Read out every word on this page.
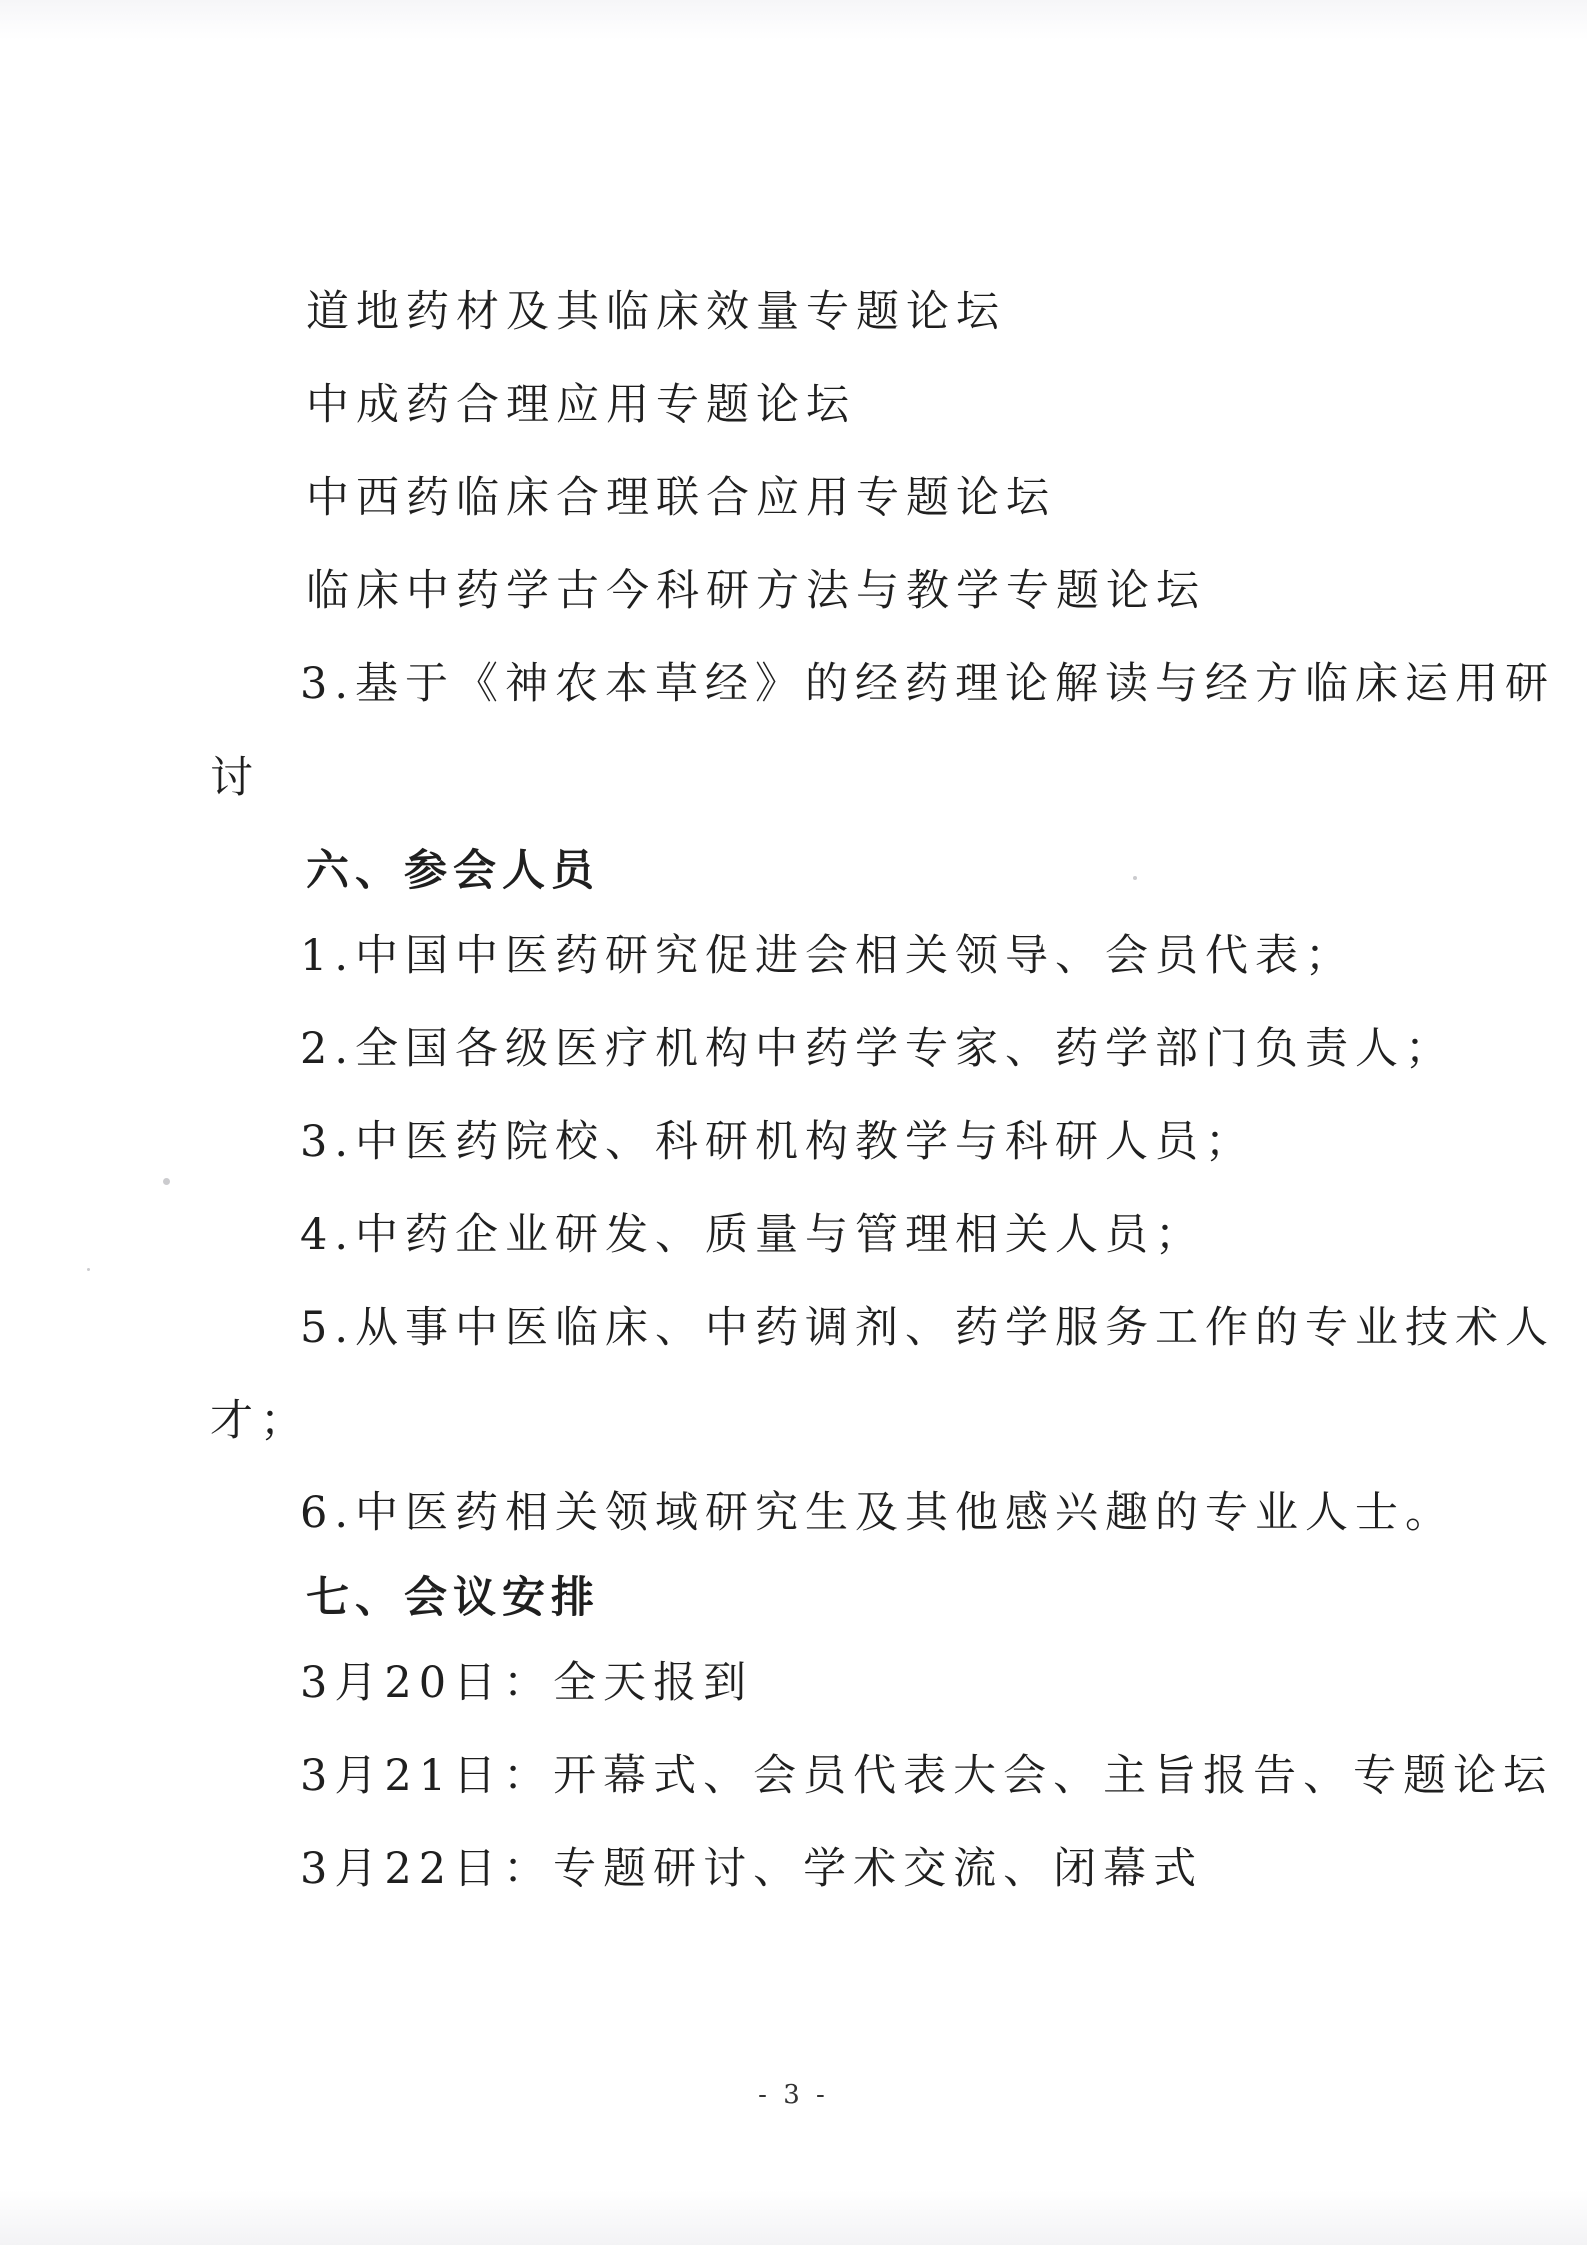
道地药材及其临床效量专题论坛
中成药合理应用专题论坛
中西药临床合理联合应用专题论坛
临床中药学古今科研方法与教学专题论坛
3.基于《神农本草经》的经药理论解读与经方临床运用研
讨
六、参会人员
1.中国中医药研究促进会相关领导、会员代表；
2.全国各级医疗机构中药学专家、药学部门负责人；
3.中医药院校、科研机构教学与科研人员；
4.中药企业研发、质量与管理相关人员；
5.从事中医临床、中药调剂、药学服务工作的专业技术人
才；
6.中医药相关领域研究生及其他感兴趣的专业人士。
七、会议安排
3月20日：全天报到
3月21日：开幕式、会员代表大会、主旨报告、专题论坛
3月22日：专题研讨、学术交流、闭幕式
- 3 -
